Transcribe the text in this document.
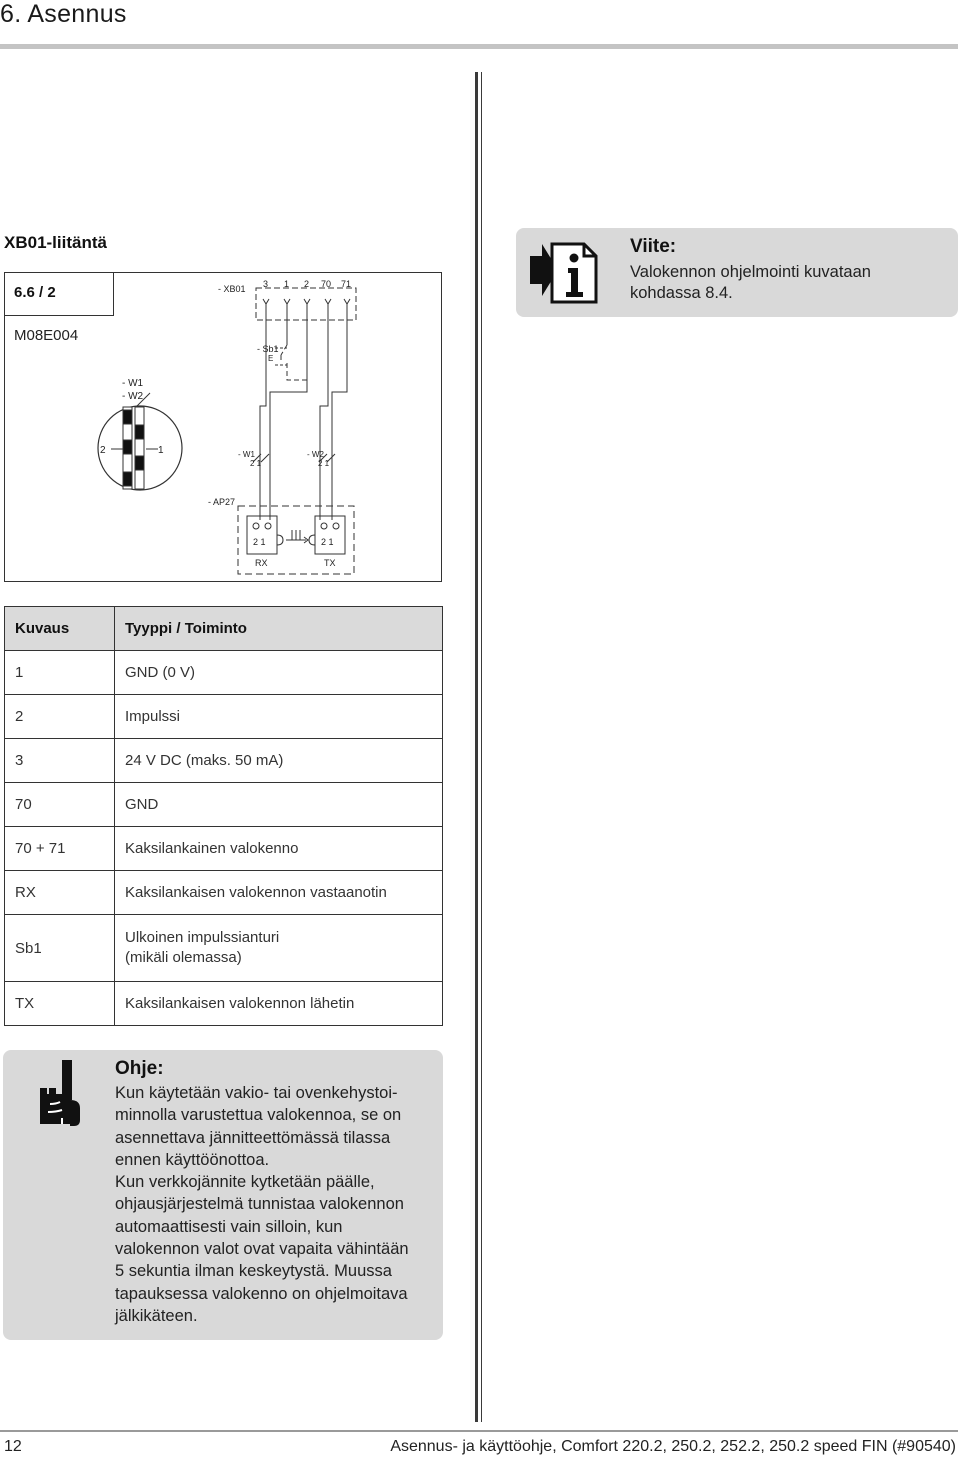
6. Asennus
XB01-liitäntä
6.6 / 2
M08E004
- XB01 3 1 2 70 71
- Sb1
E
- W1
- W2
2	1	- W1
2 1
- W2
2 1
- AP27
2 1	2 1
RX	TX
Viite:
Valokennon ohjelmointi kuvataan
kohdassa 8.4.
Kuvaus	Tyyppi / Toiminto
1	GND (0 V)
2	Impulssi
3	24 V DC (maks. 50 mA)
70	GND
70 + 71	Kaksilankainen valokenno
RX	Kaksilankaisen valokennon vastaanotin
Sb1	Ulkoinen impulssianturi
(mikäli olemassa)

TX	Kaksilankaisen valokennon lähetin
Ohje:
Kun käytetään vakio- tai ovenkehystoi-
minnolla varustettua valokennoa, se on
asennettava jännitteettömässä tilassa
ennen käyttöönottoa.
Kun verkkojännite kytketään päälle,
ohjausjärjestelmä tunnistaa valokennon
automaattisesti vain silloin, kun
valokennon valot ovat vapaita vähintään
5 sekuntia ilman keskeytystä. Muussa
tapauksessa valokenno on ohjelmoitava
jälkikäteen.
12	Asennus- ja käyttöohje, Comfort 220.2, 250.2, 252.2, 250.2 speed FIN (#90540)
